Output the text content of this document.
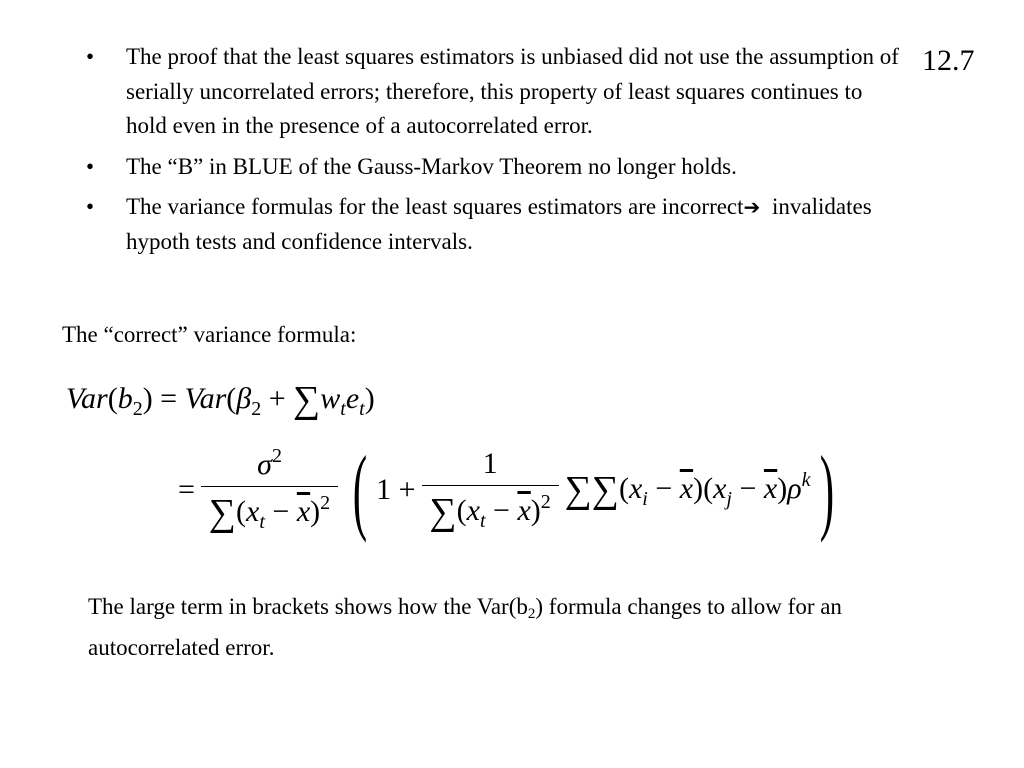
12.7
• The proof that the least squares estimators is unbiased did not use the assumption of serially uncorrelated errors; therefore, this property of least squares continues to hold even in the presence of a autocorrelated error.
• The “B” in BLUE of the Gauss-Markov Theorem no longer holds.
• The variance formulas for the least squares estimators are incorrect➔ invalidates hypoth tests and confidence intervals.

The “correct” variance formula:

$Var(b_2) = Var(\beta_2 + \sum w_te_t)$
= $\frac{\sigma^2}{\sum(x_t - \overline{x})^2}$ ( $1 + \frac{1}{\sum(x_t - \overline{x})^2} \sum\sum(x_i - \overline{x})(x_j - \overline{x})\rho^k$ )

The large term in brackets shows how the $Var(b_2)$ formula changes to allow for an autocorrelated error.
